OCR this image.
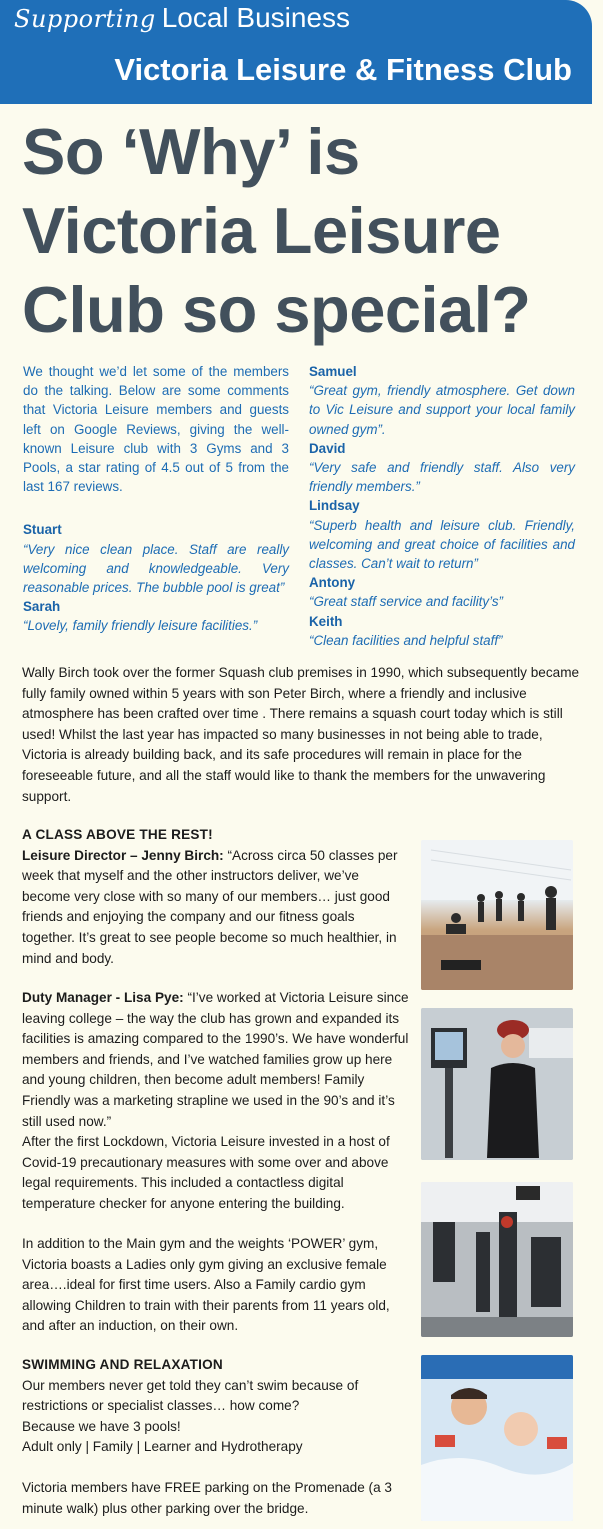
Supporting Local Business
Victoria Leisure & Fitness Club
So ‘Why’ is Victoria Leisure Club so special?

We thought we’d let some of the members do the talking. Below are some comments that Victoria Leisure members and guests left on Google Reviews, giving the well-known Leisure club with 3 Gyms and 3 Pools, a star rating of 4.5 out of 5 from the last 167 reviews.

Stuart
“Very nice clean place. Staff are really welcoming and knowledgeable. Very reasonable prices. The bubble pool is great”
Sarah
“Lovely, family friendly leisure facilities.”
Samuel
“Great gym, friendly atmosphere. Get down to Vic Leisure and support your local family owned gym”.
David
“Very safe and friendly staff. Also very friendly members.”
Lindsay
“Superb health and leisure club. Friendly, welcoming and great choice of facilities and classes. Can’t wait to return”
Antony
“Great staff service and facility’s”
Keith
“Clean facilities and helpful staff”

Wally Birch took over the former Squash club premises in 1990, which subsequently became fully family owned within 5 years with son Peter Birch, where a friendly and inclusive atmosphere has been crafted over time . There remains a squash court today which is still used! Whilst the last year has impacted so many businesses in not being able to trade, Victoria is already building back, and its safe procedures will remain in place for the foreseeable future, and all the staff would like to thank the members for the unwavering support.

A CLASS ABOVE THE REST!
Leisure Director – Jenny Birch: “Across circa 50 classes per week that myself and the other instructors deliver, we’ve become very close with so many of our members… just good friends and enjoying the company and our fitness goals together. It’s great to see people become so much healthier, in mind and body.

Duty Manager - Lisa Pye: “I’ve worked at Victoria Leisure since leaving college – the way the club has grown and expanded its facilities is amazing compared to the 1990’s. We have wonderful members and friends, and I’ve watched families grow up here and young children, then become adult members! Family Friendly was a marketing strapline we used in the 90’s and it’s still used now.”
After the first Lockdown, Victoria Leisure invested in a host of Covid-19 precautionary measures with some over and above legal requirements. This included a contactless digital temperature checker for anyone entering the building.

In addition to the Main gym and the weights ‘POWER’ gym, Victoria boasts a Ladies only gym giving an exclusive female area….ideal for first time users. Also a Family cardio gym allowing Children to train with their parents from 11 years old, and after an induction, on their own.

SWIMMING AND RELAXATION
Our members never get told they can’t swim because of restrictions or specialist classes… how come?
Because we have 3 pools!
Adult only | Family | Learner and Hydrotherapy

Victoria members have FREE parking on the Promenade (a 3 minute walk) plus other parking over the bridge.
